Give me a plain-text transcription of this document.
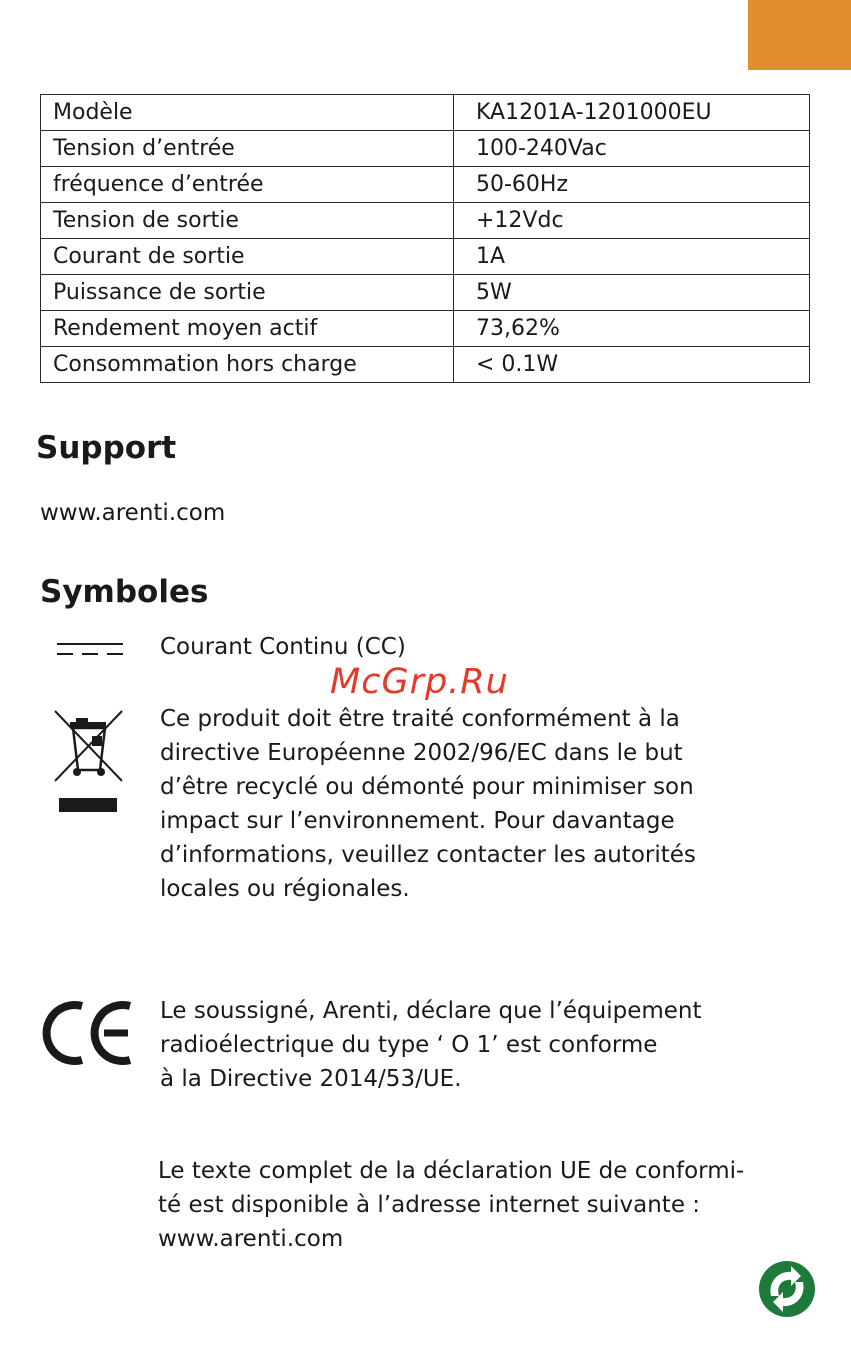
Modèle	KA1201A-1201000EU
Tension d’entrée	100-240Vac
fréquence d’entrée	50-60Hz
Tension de sortie	+12Vdc
Courant de sortie	1A
Puissance de sortie	5W
Rendement moyen actif	73,62%
Consommation hors charge	< 0.1W
Support

www.arenti.com

Symboles

Courant Continu (CC)

McGrp.Ru

Ce produit doit être traité conformément à la
directive Européenne 2002/96/EC dans le but
d’être recyclé ou démonté pour minimiser son
impact sur l’environnement. Pour davantage
d’informations, veuillez contacter les autorités
locales ou régionales.

Le soussigné, Arenti, déclare que l’équipement
radioélectrique du type ‘ O 1’ est conforme
à la Directive 2014/53/UE.

Le texte complet de la déclaration UE de conformi-
té est disponible à l’adresse internet suivante :
www.arenti.com
